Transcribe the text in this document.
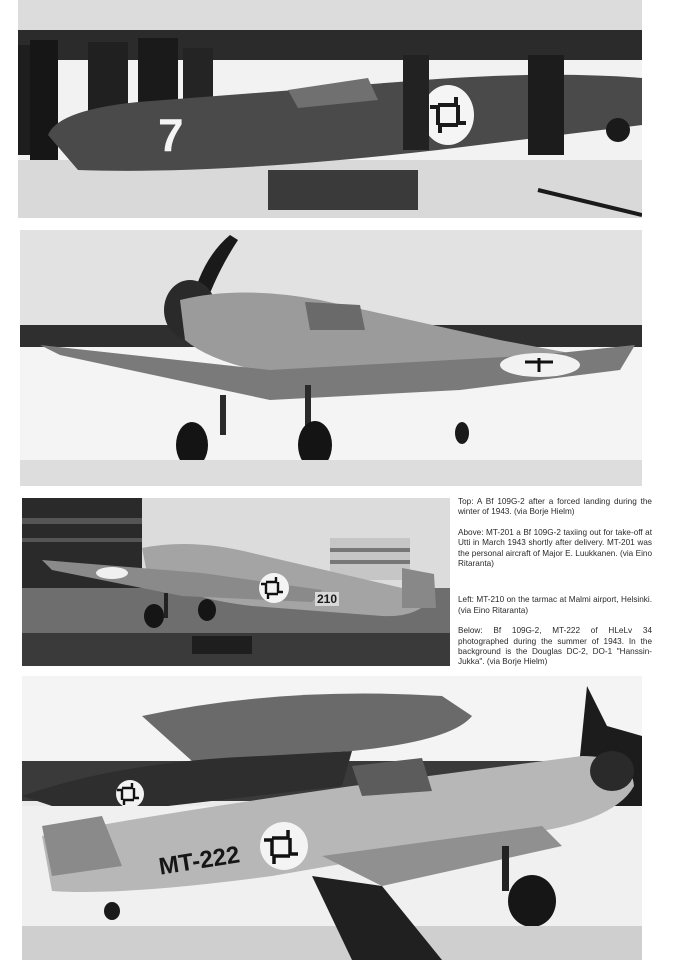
7
210

Top: A Bf 109G-2 after a forced landing during the winter of 1943. (via Borje Hielm)

Above: MT-201 a Bf 109G-2 taxiing out for take-off at Utti in March 1943 shortly after delivery. MT-201 was the personal aircraft of Major E. Luukkanen. (via Eino Ritaranta)

Left: MT-210 on the tarmac at Malmi airport, Helsinki. (via Eino Ritaranta)

Below: Bf 109G-2, MT-222 of HLeLv 34 photographed during the summer of 1943. In the background is the Douglas DC-2, DO-1 "Hanssin-Jukka". (via Borje Hielm)

MT-222
